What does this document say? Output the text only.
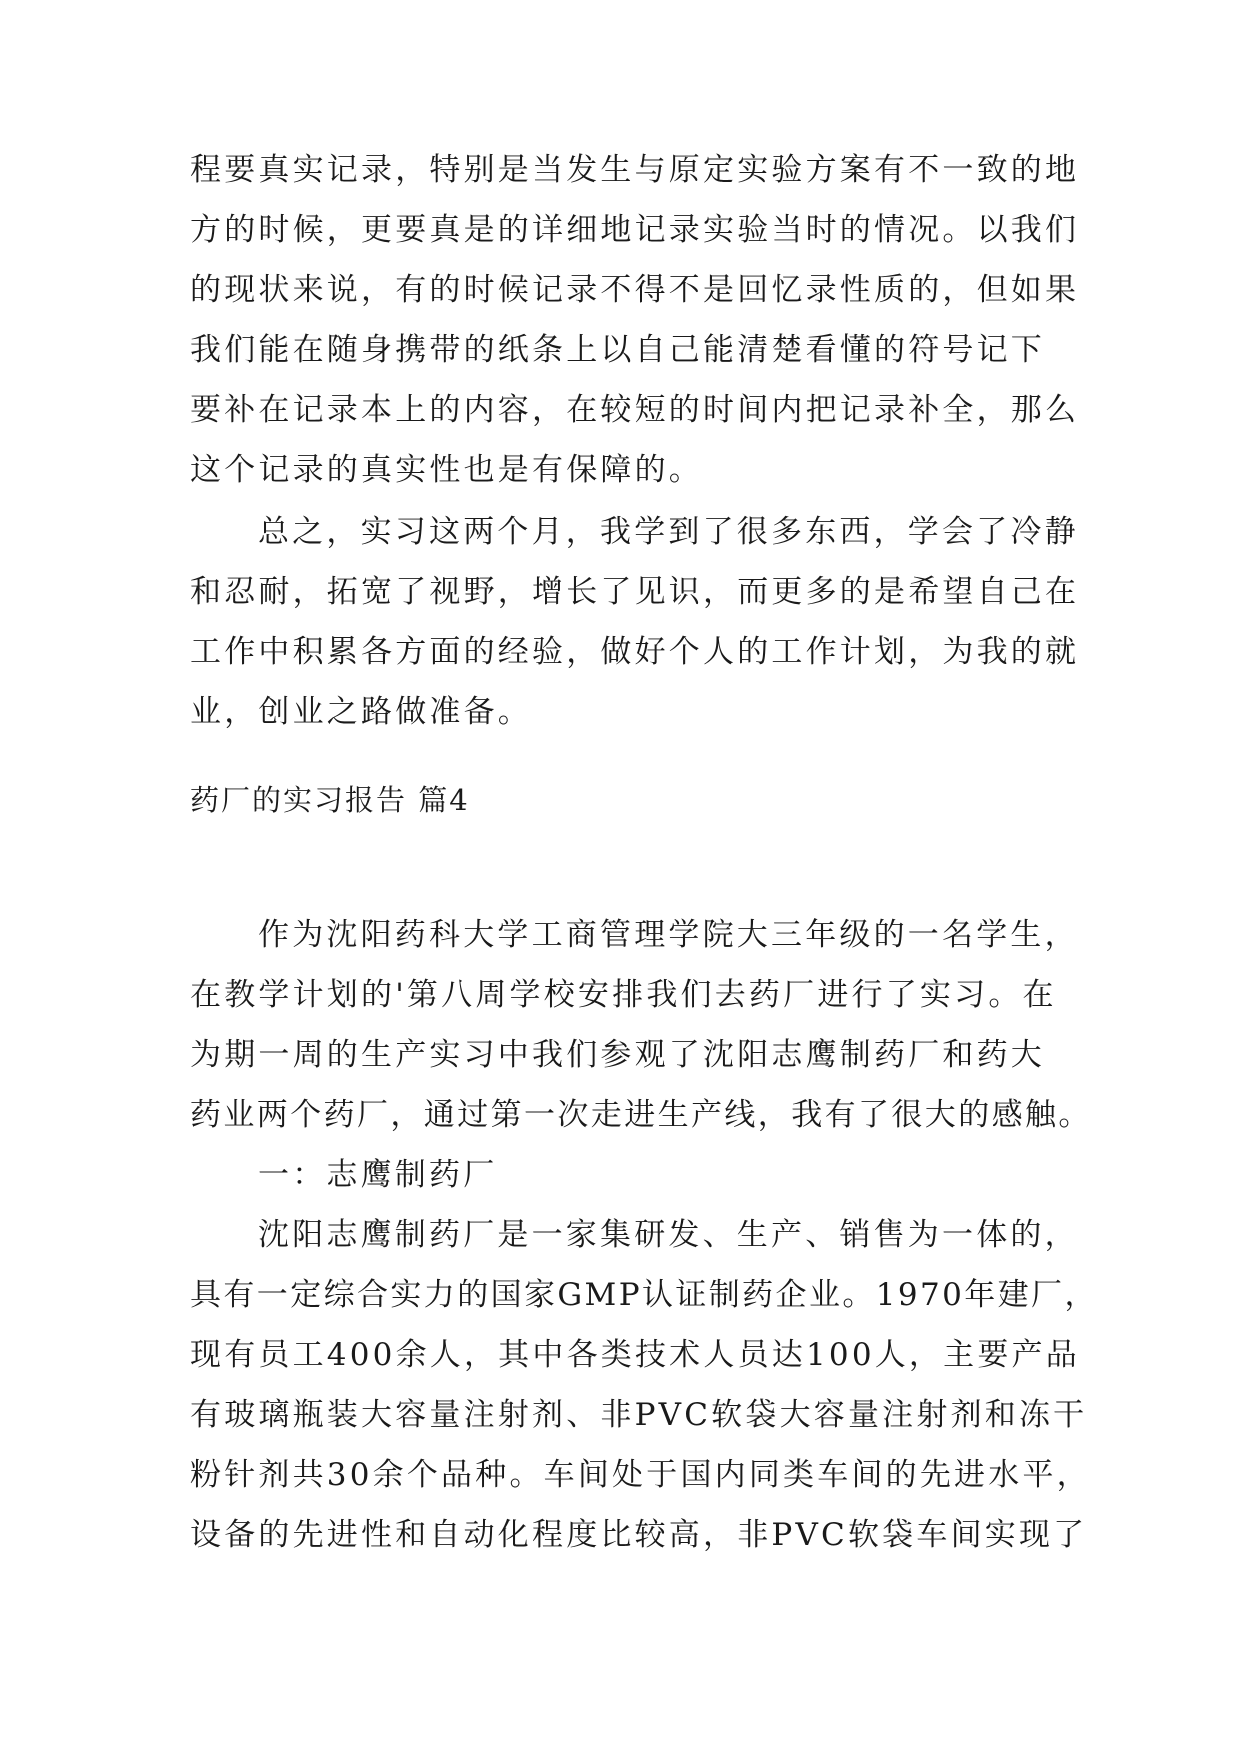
程要真实记录，特别是当发生与原定实验方案有不一致的地
方的时候，更要真是的详细地记录实验当时的情况。以我们
的现状来说，有的时候记录不得不是回忆录性质的，但如果
我们能在随身携带的纸条上以自己能清楚看懂的符号记下
要补在记录本上的内容，在较短的时间内把记录补全，那么
这个记录的真实性也是有保障的。
总之，实习这两个月，我学到了很多东西，学会了冷静
和忍耐，拓宽了视野，增长了见识，而更多的是希望自己在
工作中积累各方面的经验，做好个人的工作计划，为我的就
业，创业之路做准备。
药厂的实习报告 篇4
作为沈阳药科大学工商管理学院大三年级的一名学生，
在教学计划的'第八周学校安排我们去药厂进行了实习。在
为期一周的生产实习中我们参观了沈阳志鹰制药厂和药大
药业两个药厂，通过第一次走进生产线，我有了很大的感触。
一：志鹰制药厂
沈阳志鹰制药厂是一家集研发、生产、销售为一体的，
具有一定综合实力的国家GMP认证制药企业。1970年建厂，
现有员工400余人，其中各类技术人员达100人，主要产品
有玻璃瓶装大容量注射剂、非PVC软袋大容量注射剂和冻干
粉针剂共30余个品种。车间处于国内同类车间的先进水平，
设备的先进性和自动化程度比较高，非PVC软袋车间实现了
